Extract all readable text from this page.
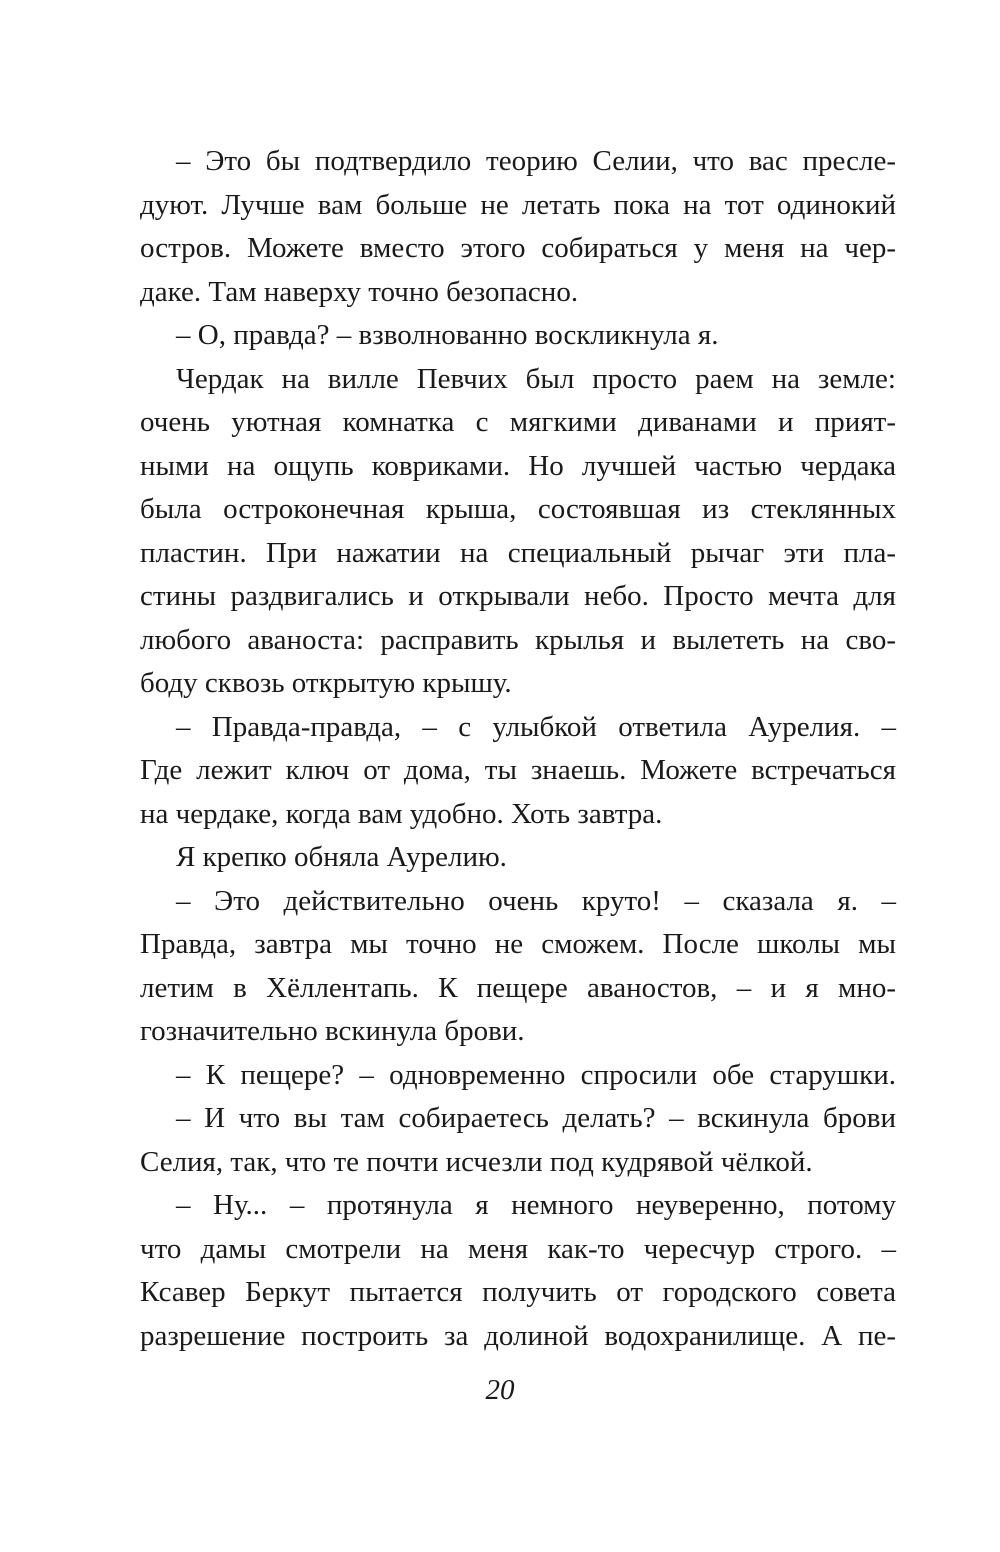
– Это бы подтвердило теорию Селии, что вас пресле-
дуют. Лучше вам больше не летать пока на тот одинокий
остров. Можете вместо этого собираться у меня на чер-
даке. Там наверху точно безопасно.
– О, правда? – взволнованно воскликнула я.
Чердак на вилле Певчих был просто раем на земле:
очень уютная комнатка с мягкими диванами и прият-
ными на ощупь ковриками. Но лучшей частью чердака
была остроконечная крыша, состоявшая из стеклянных
пластин. При нажатии на специальный рычаг эти пла-
стины раздвигались и открывали небо. Просто мечта для
любого аваноста: расправить крылья и вылететь на сво-
боду сквозь открытую крышу.
– Правда-правда, – с улыбкой ответила Аурелия. –
Где лежит ключ от дома, ты знаешь. Можете встречаться
на чердаке, когда вам удобно. Хоть завтра.
Я крепко обняла Аурелию.
– Это действительно очень круто! – сказала я. –
Правда, завтра мы точно не сможем. После школы мы
летим в Хёллентапь. К пещере аваностов, – и я мно-
гозначительно вскинула брови.
– К пещере? – одновременно спросили обе старушки.
– И что вы там собираетесь делать? – вскинула брови
Селия, так, что те почти исчезли под кудрявой чёлкой.
– Ну... – протянула я немного неуверенно, потому
что дамы смотрели на меня как-то чересчур строго. –
Ксавер Беркут пытается получить от городского совета
разрешение построить за долиной водохранилище. А пе-
20
